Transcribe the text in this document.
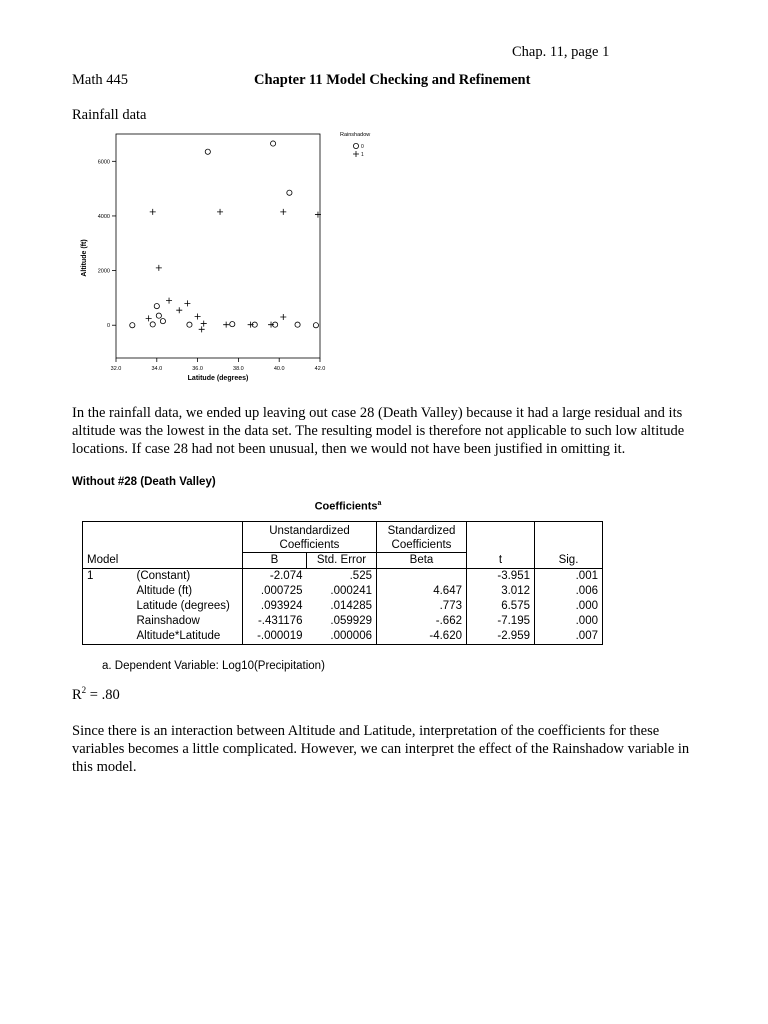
Chap. 11, page 1
Math 445	Chapter 11 Model Checking and Refinement
Rainfall data
32.0	34.0	36.0	38.0	40.0	42.0
0
2000
4000
6000
Latitude (degrees)
Altitude (ft)
Rainshadow
0
1
In the rainfall data, we ended up leaving out case 28 (Death Valley) because it had a large residual and its altitude was the lowest in the data set. The resulting model is therefore not applicable to such low altitude locations. If case 28 had not been unusual, then we would not have been justified in omitting it.
Without #28 (Death Valley)
Coefficients$^a$
		Unstandardized Coefficients		Standardized Coefficients		
Model		B	Std. Error	Beta	t	Sig.
1	(Constant)	-2.074	.525		-3.951	.001
	Altitude (ft)	.000725	.000241	4.647	3.012	.006
	Latitude (degrees)	.093924	.014285	.773	6.575	.000
	Rainshadow	-.431176	.059929	-.662	-7.195	.000
	Altitude*Latitude	-.000019	.000006	-4.620	-2.959	.007
a. Dependent Variable: Log10(Precipitation)
$R^2 = .80$
Since there is an interaction between Altitude and Latitude, interpretation of the coefficients for these variables becomes a little complicated. However, we can interpret the effect of the Rainshadow variable in this model.
